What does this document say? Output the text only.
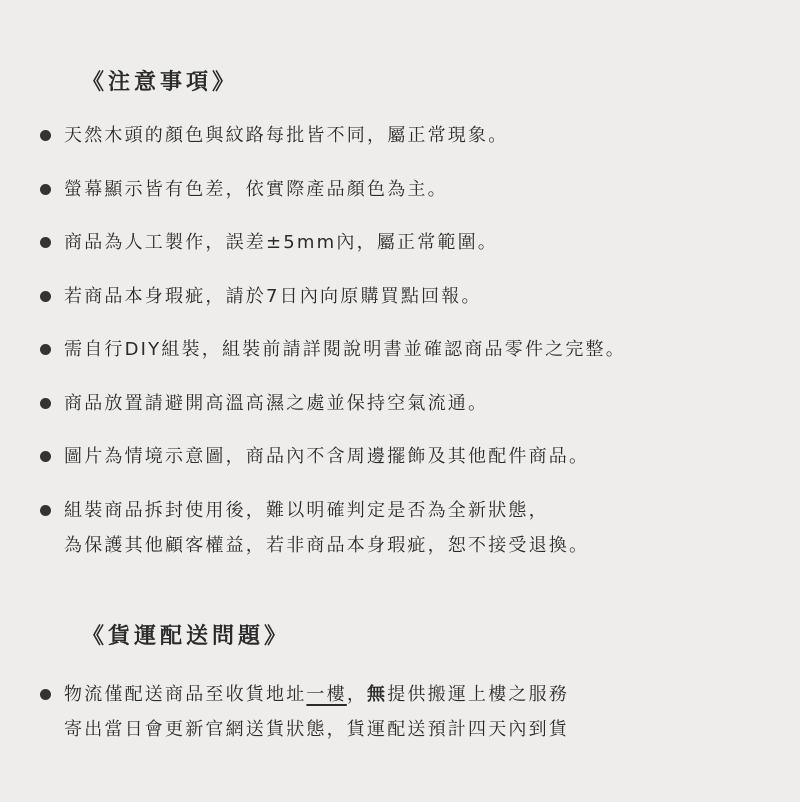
《注意事項》
天然木頭的顏色與紋路每批皆不同，屬正常現象。
螢幕顯示皆有色差，依實際產品顏色為主。
商品為人工製作，誤差±5mm內，屬正常範圍。
若商品本身瑕疵，請於7日內向原購買點回報。
需自行DIY組裝，組裝前請詳閱說明書並確認商品零件之完整。
商品放置請避開高溫高濕之處並保持空氣流通。
圖片為情境示意圖，商品內不含周邊擺飾及其他配件商品。
組裝商品拆封使用後，難以明確判定是否為全新狀態，
為保護其他顧客權益，若非商品本身瑕疵，恕不接受退換。
《貨運配送問題》
物流僅配送商品至收貨地址一樓，無提供搬運上樓之服務
寄出當日會更新官網送貨狀態，貨運配送預計四天內到貨
